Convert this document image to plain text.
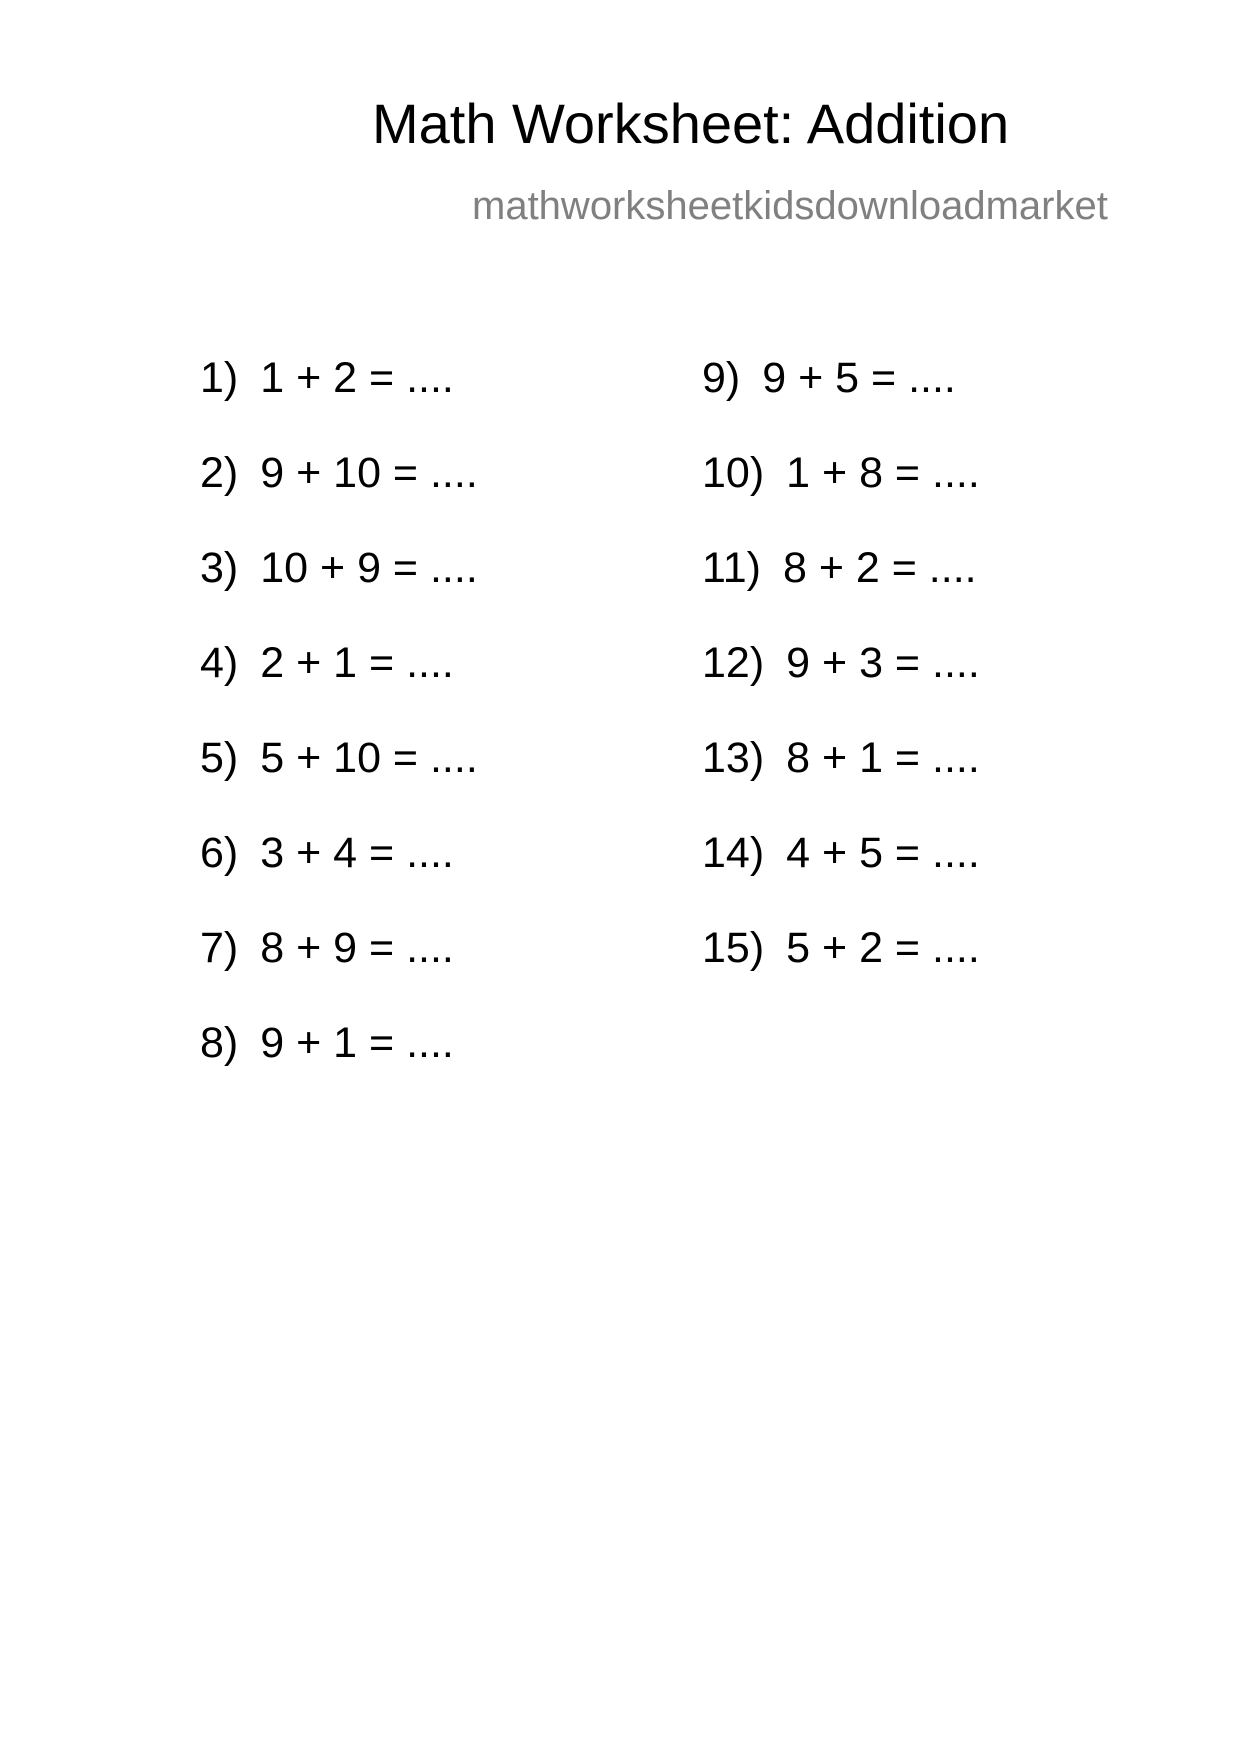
Math Worksheet: Addition
mathworksheetkidsdownloadmarket
1) 1 + 2 = ....
2) 9 + 10 = ....
3) 10 + 9 = ....
4) 2 + 1 = ....
5) 5 + 10 = ....
6) 3 + 4 = ....
7) 8 + 9 = ....
8) 9 + 1 = ....
9) 9 + 5 = ....
10) 1 + 8 = ....
11) 8 + 2 = ....
12) 9 + 3 = ....
13) 8 + 1 = ....
14) 4 + 5 = ....
15) 5 + 2 = ....
